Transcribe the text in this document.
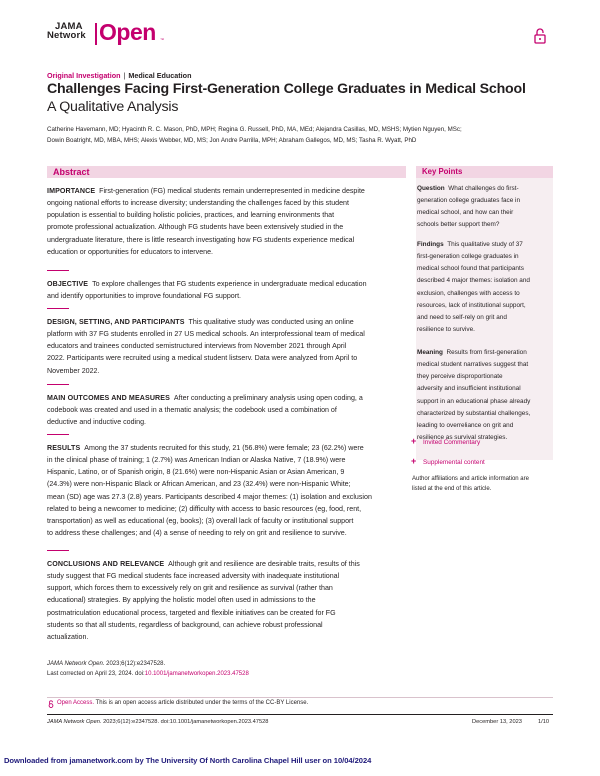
JAMA
Network Open ™
Original Investigation | Medical Education
Challenges Facing First-Generation College Graduates in Medical School
A Qualitative Analysis
Catherine Havemann, MD; Hyacinth R. C. Mason, PhD, MPH; Regina G. Russell, PhD, MA, MEd; Alejandra Casillas, MD, MSHS; Mytien Nguyen, MSc;
Dowin Boatright, MD, MBA, MHS; Alexis Webber, MD, MS; Jon Andre Parrilla, MPH; Abraham Gallegos, MD, MS; Tasha R. Wyatt, PhD
Abstract
IMPORTANCE First-generation (FG) medical students remain underrepresented in medicine despite
ongoing national efforts to increase diversity; understanding the challenges faced by this student
population is essential to building holistic policies, practices, and learning environments that
promote professional actualization. Although FG students have been extensively studied in the
undergraduate literature, there is little research investigating how FG students experience medical
education or opportunities for educators to intervene.
OBJECTIVE To explore challenges that FG students experience in undergraduate medical education
and identify opportunities to improve foundational FG support.
DESIGN, SETTING, AND PARTICIPANTS This qualitative study was conducted using an online
platform with 37 FG students enrolled in 27 US medical schools. An interprofessional team of medical
educators and trainees conducted semistructured interviews from November 2021 through April
2022. Participants were recruited using a medical student listserv. Data were analyzed from April to
November 2022.
MAIN OUTCOMES AND MEASURES After conducting a preliminary analysis using open coding, a
codebook was created and used in a thematic analysis; the codebook used a combination of
deductive and inductive coding.
RESULTS Among the 37 students recruited for this study, 21 (56.8%) were female; 23 (62.2%) were
in the clinical phase of training; 1 (2.7%) was American Indian or Alaska Native, 7 (18.9%) were
Hispanic, Latino, or of Spanish origin, 8 (21.6%) were non-Hispanic Asian or Asian American, 9
(24.3%) were non-Hispanic Black or African American, and 23 (32.4%) were non-Hispanic White;
mean (SD) age was 27.3 (2.8) years. Participants described 4 major themes: (1) isolation and exclusion
related to being a newcomer to medicine; (2) difficulty with access to basic resources (eg, food, rent,
transportation) as well as educational (eg, books); (3) overall lack of faculty or institutional support
to address these challenges; and (4) a sense of needing to rely on grit and resilience to survive.
CONCLUSIONS AND RELEVANCE Although grit and resilience are desirable traits, results of this
study suggest that FG medical students face increased adversity with inadequate institutional
support, which forces them to excessively rely on grit and resilience as survival (rather than
educational) strategies. By applying the holistic model often used in admissions to the
postmatriculation educational process, targeted and flexible initiatives can be created for FG
students so that all students, regardless of background, can achieve robust professional
actualization.
Key Points
Question What challenges do first-
generation college graduates face in
medical school, and how can their
schools better support them?
Findings This qualitative study of 37
first-generation college graduates in
medical school found that participants
described 4 major themes: isolation and
exclusion, challenges with access to
resources, lack of institutional support,
and need to self-rely on grit and
resilience to survive.
Meaning Results from first-generation
medical student narratives suggest that
they perceive disproportionate
adversity and insufficient institutional
support in an educational phase already
characterized by substantial challenges,
leading to overreliance on grit and
resilience as survival strategies.
+ Invited Commentary
+ Supplemental content
Author affiliations and article information are
listed at the end of this article.
JAMA Network Open. 2023;6(12):e2347528.
Last corrected on April 23, 2024. doi:10.1001/jamanetworkopen.2023.47528
Open Access. This is an open access article distributed under the terms of the CC-BY License.
JAMA Network Open. 2023;6(12):e2347528. doi:10.1001/jamanetworkopen.2023.47528	December 13, 2023	1/10
Downloaded from jamanetwork.com by The University Of North Carolina Chapel Hill user on 10/04/2024
